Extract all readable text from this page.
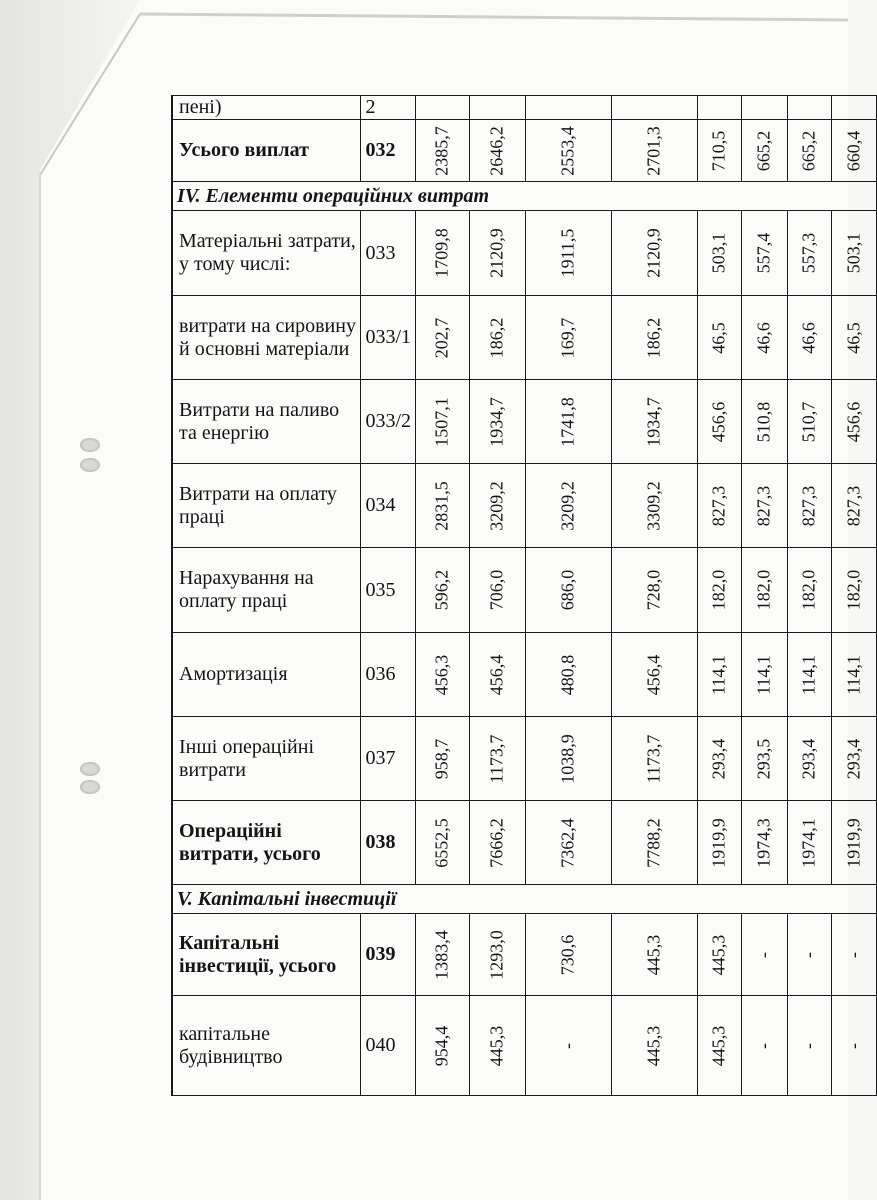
пені)	2	

Усього виплат	032	2385,7	2646,2	2553,4	2701,3	710,5	665,2	665,2	660,4

IV. Елементи операційних витрат									
Матеріальні затрати, у тому числі:	033	1709,8	2120,9	1911,5	2120,9	503,1	557,4	557,3	503,1

витрати на сировину й основні матеріали	033/1	202,7	186,2	169,7	186,2	46,5	46,6	46,6	46,5

Витрати на паливо та енергію	033/2	1507,1	1934,7	1741,8	1934,7	456,6	510,8	510,7	456,6

Витрати на оплату праці	034	2831,5	3209,2	3209,2	3309,2	827,3	827,3	827,3	827,3

Нарахування на оплату праці	035	596,2	706,0	686,0	728,0	182,0	182,0	182,0	182,0

Амортизація	036	456,3	456,4	480,8	456,4	114,1	114,1	114,1	114,1

Інші операційні витрати	037	958,7	1173,7	1038,9	1173,7	293,4	293,5	293,4	293,4

Операційні витрати, усього	038	6552,5	7666,2	7362,4	7788,2	1919,9	1974,3	1974,1	1919,9

V. Капітальні інвестиції									
Капітальні інвестиції, усього	039	1383,4	1293,0	730,6	445,3	445,3	-	-	-

капітальне будівництво	040	954,4	445,3	-	445,3	445,3	-	-	-
